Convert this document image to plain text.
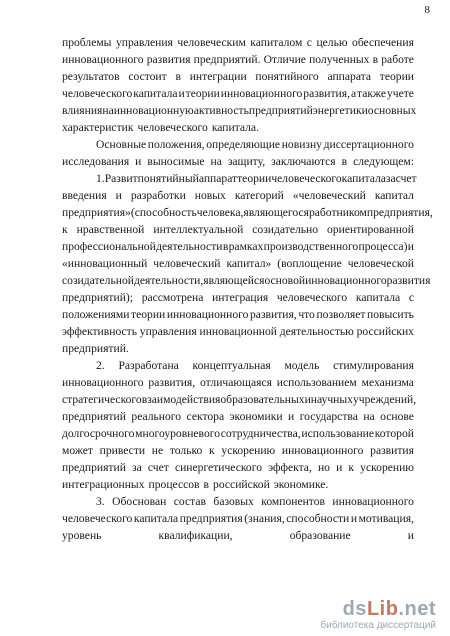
8
проблемы управления человеческим капиталом с целью обеспечения
инновационного развития предприятий. Отличие полученных в работе
результатов состоит в интеграции понятийного аппарата теории
человеческого капитала и теории инновационного развития, а также учете
влияния на инновационную активность предприятий энергетики основных
характеристик человеческого капитала.
Основные положения, определяющие новизну диссертационного
исследования и выносимые на защиту, заключаются в следующем:
1. Развит понятийный аппарат теории человеческого капитала за счет
введения и разработки новых категорий «человеческий капитал
предприятия» (способность человека, являющегося работником предприятия,
к нравственной интеллектуальной созидательно ориентированной
профессиональной деятельности в рамках производственного процесса) и
«инновационный человеческий капитал» (воплощение человеческой
созидательной деятельности, являющейся основой инновационного развития
предприятий); рассмотрена интеграция человеческого капитала с
положениями теории инновационного развития, что позволяет повысить
эффективность управления инновационной деятельностью российских
предприятий.
2. Разработана концептуальная модель стимулирования
инновационного развития, отличающаяся использованием механизма
стратегического взаимодействия образовательных и научных учреждений,
предприятий реального сектора экономики и государства на основе
долгосрочного многоуровневого сотрудничества, использование которой
может привести не только к ускорению инновационного развития
предприятий за счет синергетического эффекта, но и к ускорению
интеграционных процессов в российской экономике.
3. Обоснован состав базовых компонентов инновационного
человеческого капитала предприятия (знания, способности и мотивация,
уровень	квалификации,	образование	и
dsLib.net
библиотека диссертаций
